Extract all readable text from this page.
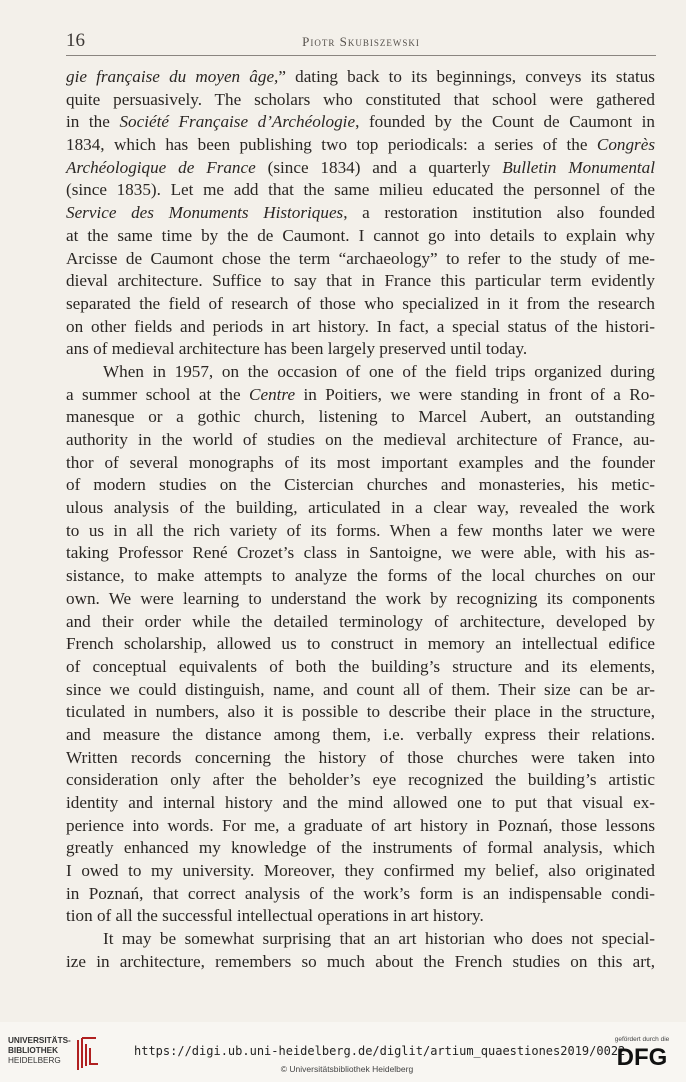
16	Piotr Skubiszewski
gie française du moyen âge,” dating back to its beginnings, conveys its status
quite persuasively. The scholars who constituted that school were gathered
in the Société Française d’Archéologie, founded by the Count de Caumont in
1834, which has been publishing two top periodicals: a series of the Congrès
Archéologique de France (since 1834) and a quarterly Bulletin Monumental
(since 1835). Let me add that the same milieu educated the personnel of the
Service des Monuments Historiques, a restoration institution also founded
at the same time by the de Caumont. I cannot go into details to explain why
Arcisse de Caumont chose the term “archaeology” to refer to the study of me-
dieval architecture. Suffice to say that in France this particular term evidently
separated the field of research of those who specialized in it from the research
on other fields and periods in art history. In fact, a special status of the histori-
ans of medieval architecture has been largely preserved until today.
When in 1957, on the occasion of one of the field trips organized during
a summer school at the Centre in Poitiers, we were standing in front of a Ro-
manesque or a gothic church, listening to Marcel Aubert, an outstanding
authority in the world of studies on the medieval architecture of France, au-
thor of several monographs of its most important examples and the founder
of modern studies on the Cistercian churches and monasteries, his metic-
ulous analysis of the building, articulated in a clear way, revealed the work
to us in all the rich variety of its forms. When a few months later we were
taking Professor René Crozet’s class in Santoigne, we were able, with his as-
sistance, to make attempts to analyze the forms of the local churches on our
own. We were learning to understand the work by recognizing its components
and their order while the detailed terminology of architecture, developed by
French scholarship, allowed us to construct in memory an intellectual edifice
of conceptual equivalents of both the building’s structure and its elements,
since we could distinguish, name, and count all of them. Their size can be ar-
ticulated in numbers, also it is possible to describe their place in the structure,
and measure the distance among them, i.e. verbally express their relations.
Written records concerning the history of those churches were taken into
consideration only after the beholder’s eye recognized the building’s artistic
identity and internal history and the mind allowed one to put that visual ex-
perience into words. For me, a graduate of art history in Poznań, those lessons
greatly enhanced my knowledge of the instruments of formal analysis, which
I owed to my university. Moreover, they confirmed my belief, also originated
in Poznań, that correct analysis of the work’s form is an indispensable condi-
tion of all the successful intellectual operations in art history.
It may be somewhat surprising that an art historian who does not special-
ize in architecture, remembers so much about the French studies on this art,
UNIVERSITÄTS-
BIBLIOTHEK
HEIDELBERG
https://digi.ub.uni-heidelberg.de/diglit/artium_quaestiones2019/0022
© Universitätsbibliothek Heidelberg
gefördert durch die
DFG
